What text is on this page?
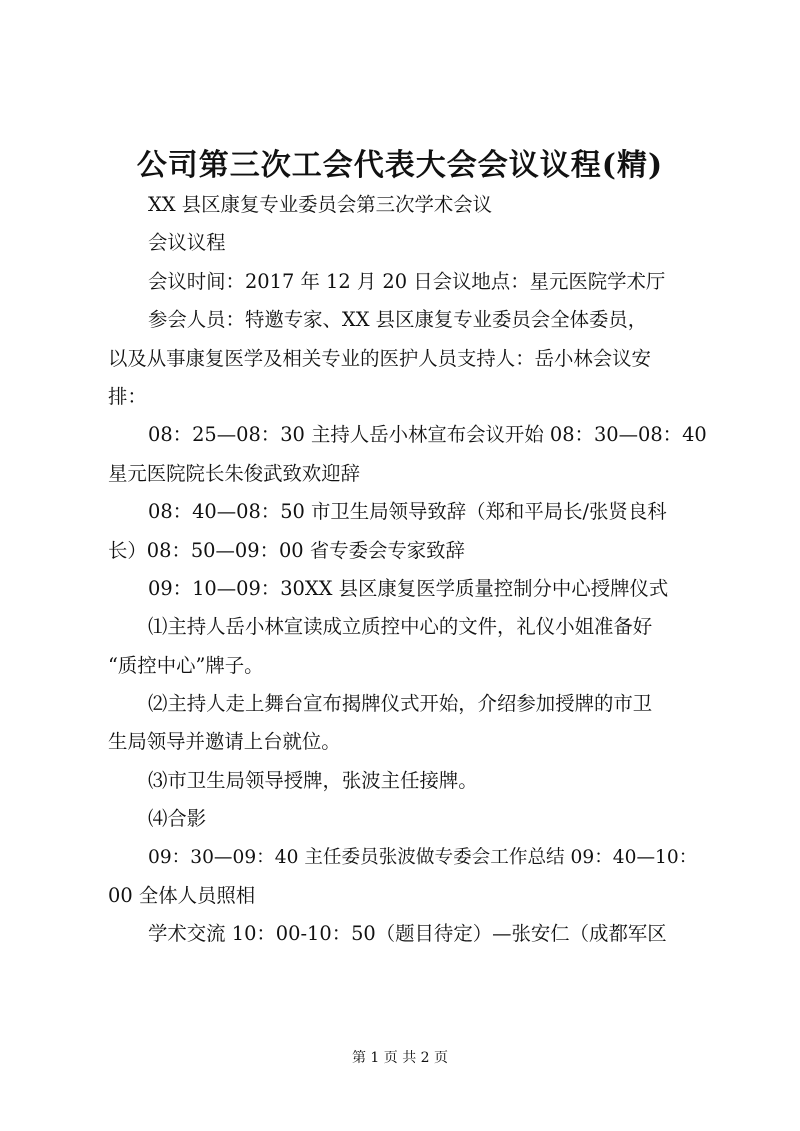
公司第三次工会代表大会会议议程(精)
XX 县区康复专业委员会第三次学术会议
会议议程
会议时间：2017 年 12 月 20 日会议地点：星元医院学术厅
参会人员：特邀专家、XX 县区康复专业委员会全体委员，
以及从事康复医学及相关专业的医护人员支持人：岳小林会议安
排：
08：25—08：30 主持人岳小林宣布会议开始 08：30—08：40
星元医院院长朱俊武致欢迎辞
08：40—08：50 市卫生局领导致辞（郑和平局长/张贤良科
长）08：50—09：00 省专委会专家致辞
09：10—09：30XX 县区康复医学质量控制分中心授牌仪式
⑴主持人岳小林宣读成立质控中心的文件，礼仪小姐准备好
“质控中心”牌子。
⑵主持人走上舞台宣布揭牌仪式开始，介绍参加授牌的市卫
生局领导并邀请上台就位。
⑶市卫生局领导授牌，张波主任接牌。
⑷合影
09：30—09：40 主任委员张波做专委会工作总结 09：40—10：
00 全体人员照相
学术交流 10：00-10：50（题目待定）—张安仁（成都军区
第 1 页 共 2 页
